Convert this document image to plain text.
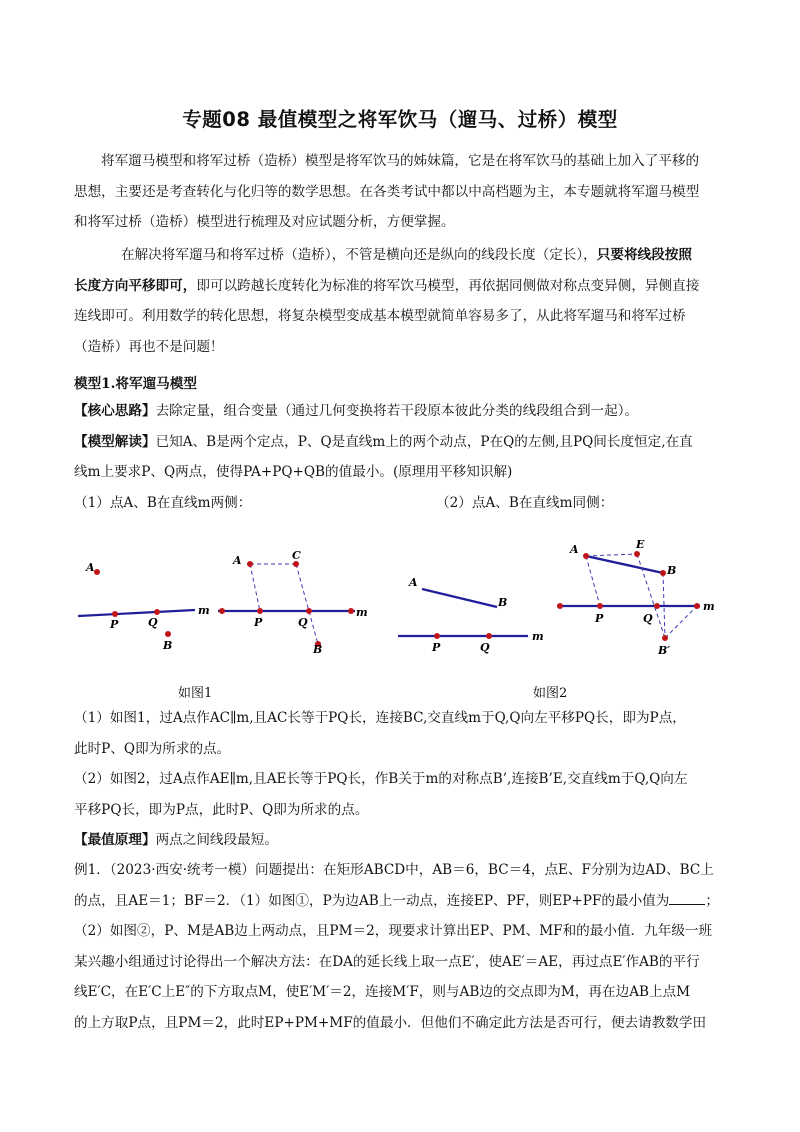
专题08 最值模型之将军饮马（遛马、过桥）模型
将军遛马模型和将军过桥（造桥）模型是将军饮马的姊妹篇，它是在将军饮马的基础上加入了平移的
思想，主要还是考查转化与化归等的数学思想。在各类考试中都以中高档题为主，本专题就将军遛马模型
和将军过桥（造桥）模型进行梳理及对应试题分析，方便掌握。
在解决将军遛马和将军过桥（造桥），不管是横向还是纵向的线段长度（定长），只要将线段按照
长度方向平移即可，即可以跨越长度转化为标准的将军饮马模型，再依据同侧做对称点变异侧，异侧直接
连线即可。利用数学的转化思想，将复杂模型变成基本模型就简单容易多了，从此将军遛马和将军过桥
（造桥）再也不是问题！
模型1.将军遛马模型
【核心思路】去除定量，组合变量（通过几何变换将若干段原本彼此分类的线段组合到一起）。
【模型解读】已知A、B是两个定点，P、Q是直线m上的两个动点，P在Q的左侧,且PQ间长度恒定,在直
线m上要求P、Q两点，使得PA+PQ+QB的值最小。(原理用平移知识解)
（1）点A、B在直线m两侧：	（2）点A、B在直线m同侧：
A
P	Q
B
m
A	C
P	Q
B
m
A
B
P	Q
m
A	E
B
P	Q
B′
m
如图1	如图2
（1）如图1，过A点作AC∥m,且AC长等于PQ长，连接BC,交直线m于Q,Q向左平移PQ长，即为P点，
此时P、Q即为所求的点。
（2）如图2，过A点作AE∥m,且AE长等于PQ长，作B关于m的对称点B’,连接B’E,交直线m于Q,Q向左
平移PQ长，即为P点，此时P、Q即为所求的点。
【最值原理】两点之间线段最短。
例1．（2023·西安·统考一模）问题提出：在矩形ABCD中，AB＝6，BC＝4，点E、F分别为边AD、BC上
的点，且AE＝1；BF＝2．（1）如图①，P为边AB上一动点，连接EP、PF，则EP+PF的最小值为	；
（2）如图②，P、M是AB边上两动点，且PM＝2，现要求计算出EP、PM、MF和的最小值．九年级一班
某兴趣小组通过讨论得出一个解决方法：在DA的延长线上取一点E′，使AE′＝AE，再过点E′作AB的平行
线E′C，在E′C上E″的下方取点M，使E′M′＝2，连接M′F，则与AB边的交点即为M，再在边AB上点M
的上方取P点，且PM＝2，此时EP+PM+MF的值最小．但他们不确定此方法是否可行，便去请教数学田
